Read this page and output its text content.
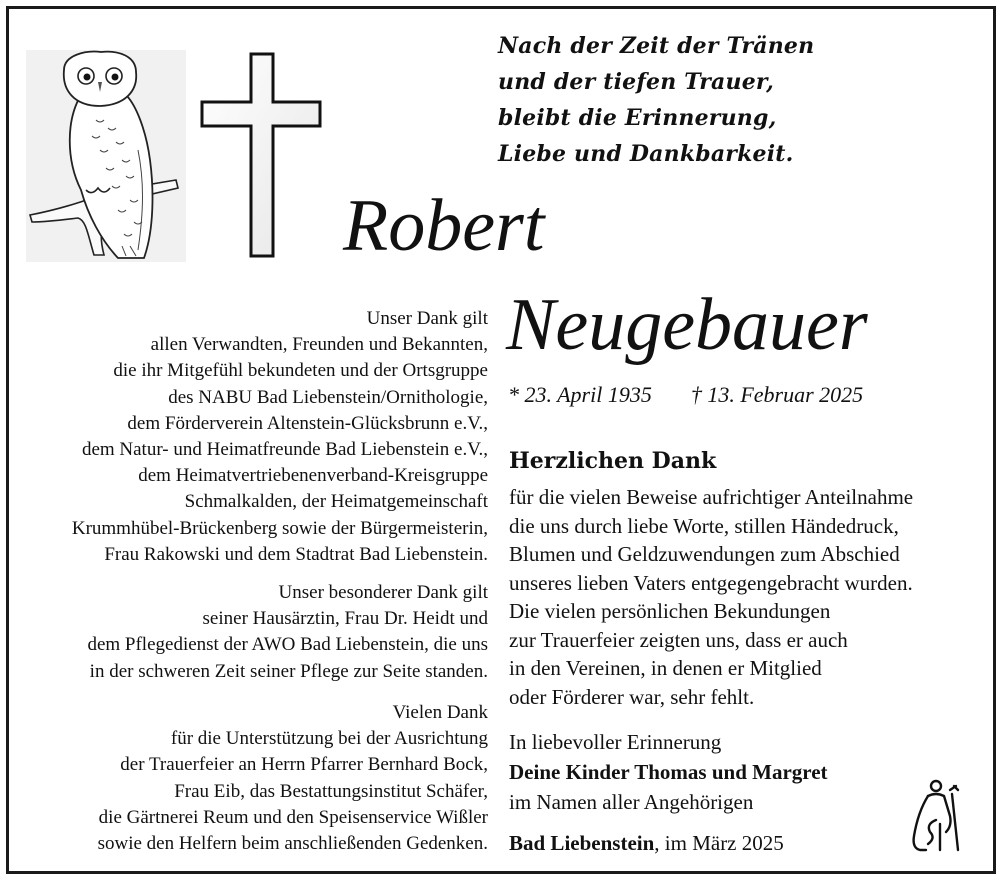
Nach der Zeit der Tränen
und der tiefen Trauer,
bleibt die Erinnerung,
Liebe und Dankbarkeit.
Robert
Neugebauer
* 23. April 1935 † 13. Februar 2025
Unser Dank gilt
allen Verwandten, Freunden und Bekannten,
die ihr Mitgefühl bekundeten und der Ortsgruppe
des NABU Bad Liebenstein/Ornithologie,
dem Förderverein Altenstein-Glücksbrunn e.V.,
dem Natur- und Heimatfreunde Bad Liebenstein e.V.,
dem Heimatvertriebenenverband-Kreisgruppe
Schmalkalden, der Heimatgemeinschaft
Krummhübel-Brückenberg sowie der Bürgermeisterin,
Frau Rakowski und dem Stadtrat Bad Liebenstein.
Unser besonderer Dank gilt
seiner Hausärztin, Frau Dr. Heidt und
dem Pflegedienst der AWO Bad Liebenstein, die uns
in der schweren Zeit seiner Pflege zur Seite standen.
Vielen Dank
für die Unterstützung bei der Ausrichtung
der Trauerfeier an Herrn Pfarrer Bernhard Bock,
Frau Eib, das Bestattungsinstitut Schäfer,
die Gärtnerei Reum und den Speisenservice Wißler
sowie den Helfern beim anschließenden Gedenken.
Herzlichen Dank
für die vielen Beweise aufrichtiger Anteilnahme
die uns durch liebe Worte, stillen Händedruck,
Blumen und Geldzuwendungen zum Abschied
unseres lieben Vaters entgegengebracht wurden.
Die vielen persönlichen Bekundungen
zur Trauerfeier zeigten uns, dass er auch
in den Vereinen, in denen er Mitglied
oder Förderer war, sehr fehlt.
In liebevoller Erinnerung
Deine Kinder Thomas und Margret
im Namen aller Angehörigen
Bad Liebenstein, im März 2025
